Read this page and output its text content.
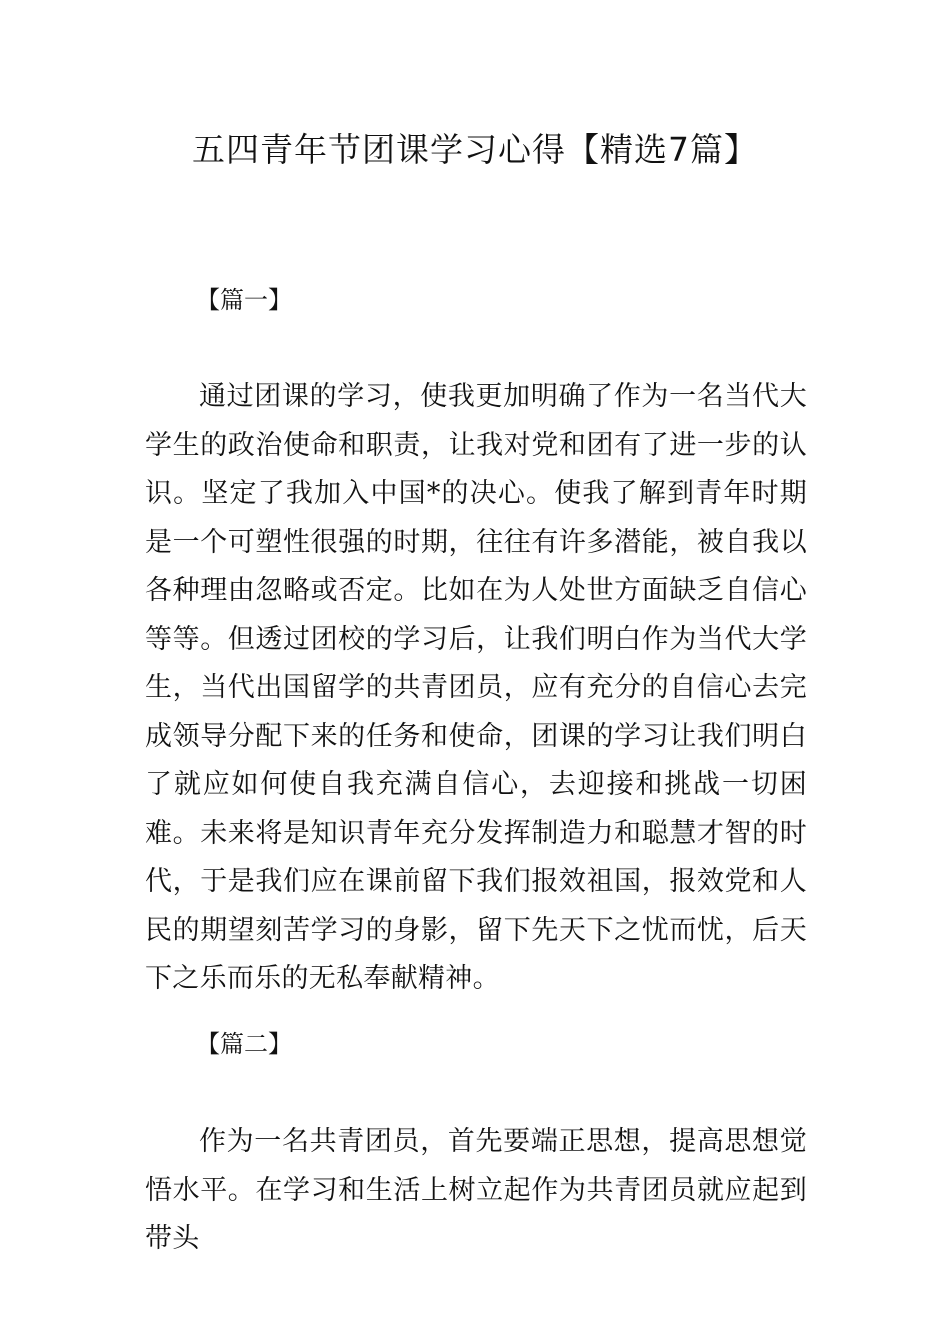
五四青年节团课学习心得【精选7篇】
【篇一】

通过团课的学习，使我更加明确了作为一名当代大学生的政治使命和职责，让我对党和团有了进一步的认识。坚定了我加入中国*的决心。使我了解到青年时期是一个可塑性很强的时期，往往有许多潜能，被自我以各种理由忽略或否定。比如在为人处世方面缺乏自信心等等。但透过团校的学习后，让我们明白作为当代大学生，当代出国留学的共青团员，应有充分的自信心去完成领导分配下来的任务和使命，团课的学习让我们明白了就应如何使自我充满自信心，去迎接和挑战一切困难。未来将是知识青年充分发挥制造力和聪慧才智的时代，于是我们应在课前留下我们报效祖国，报效党和人民的期望刻苦学习的身影，留下先天下之忧而忧，后天下之乐而乐的无私奉献精神。

【篇二】

作为一名共青团员，首先要端正思想，提高思想觉悟水平。在学习和生活上树立起作为共青团员就应起到带头
